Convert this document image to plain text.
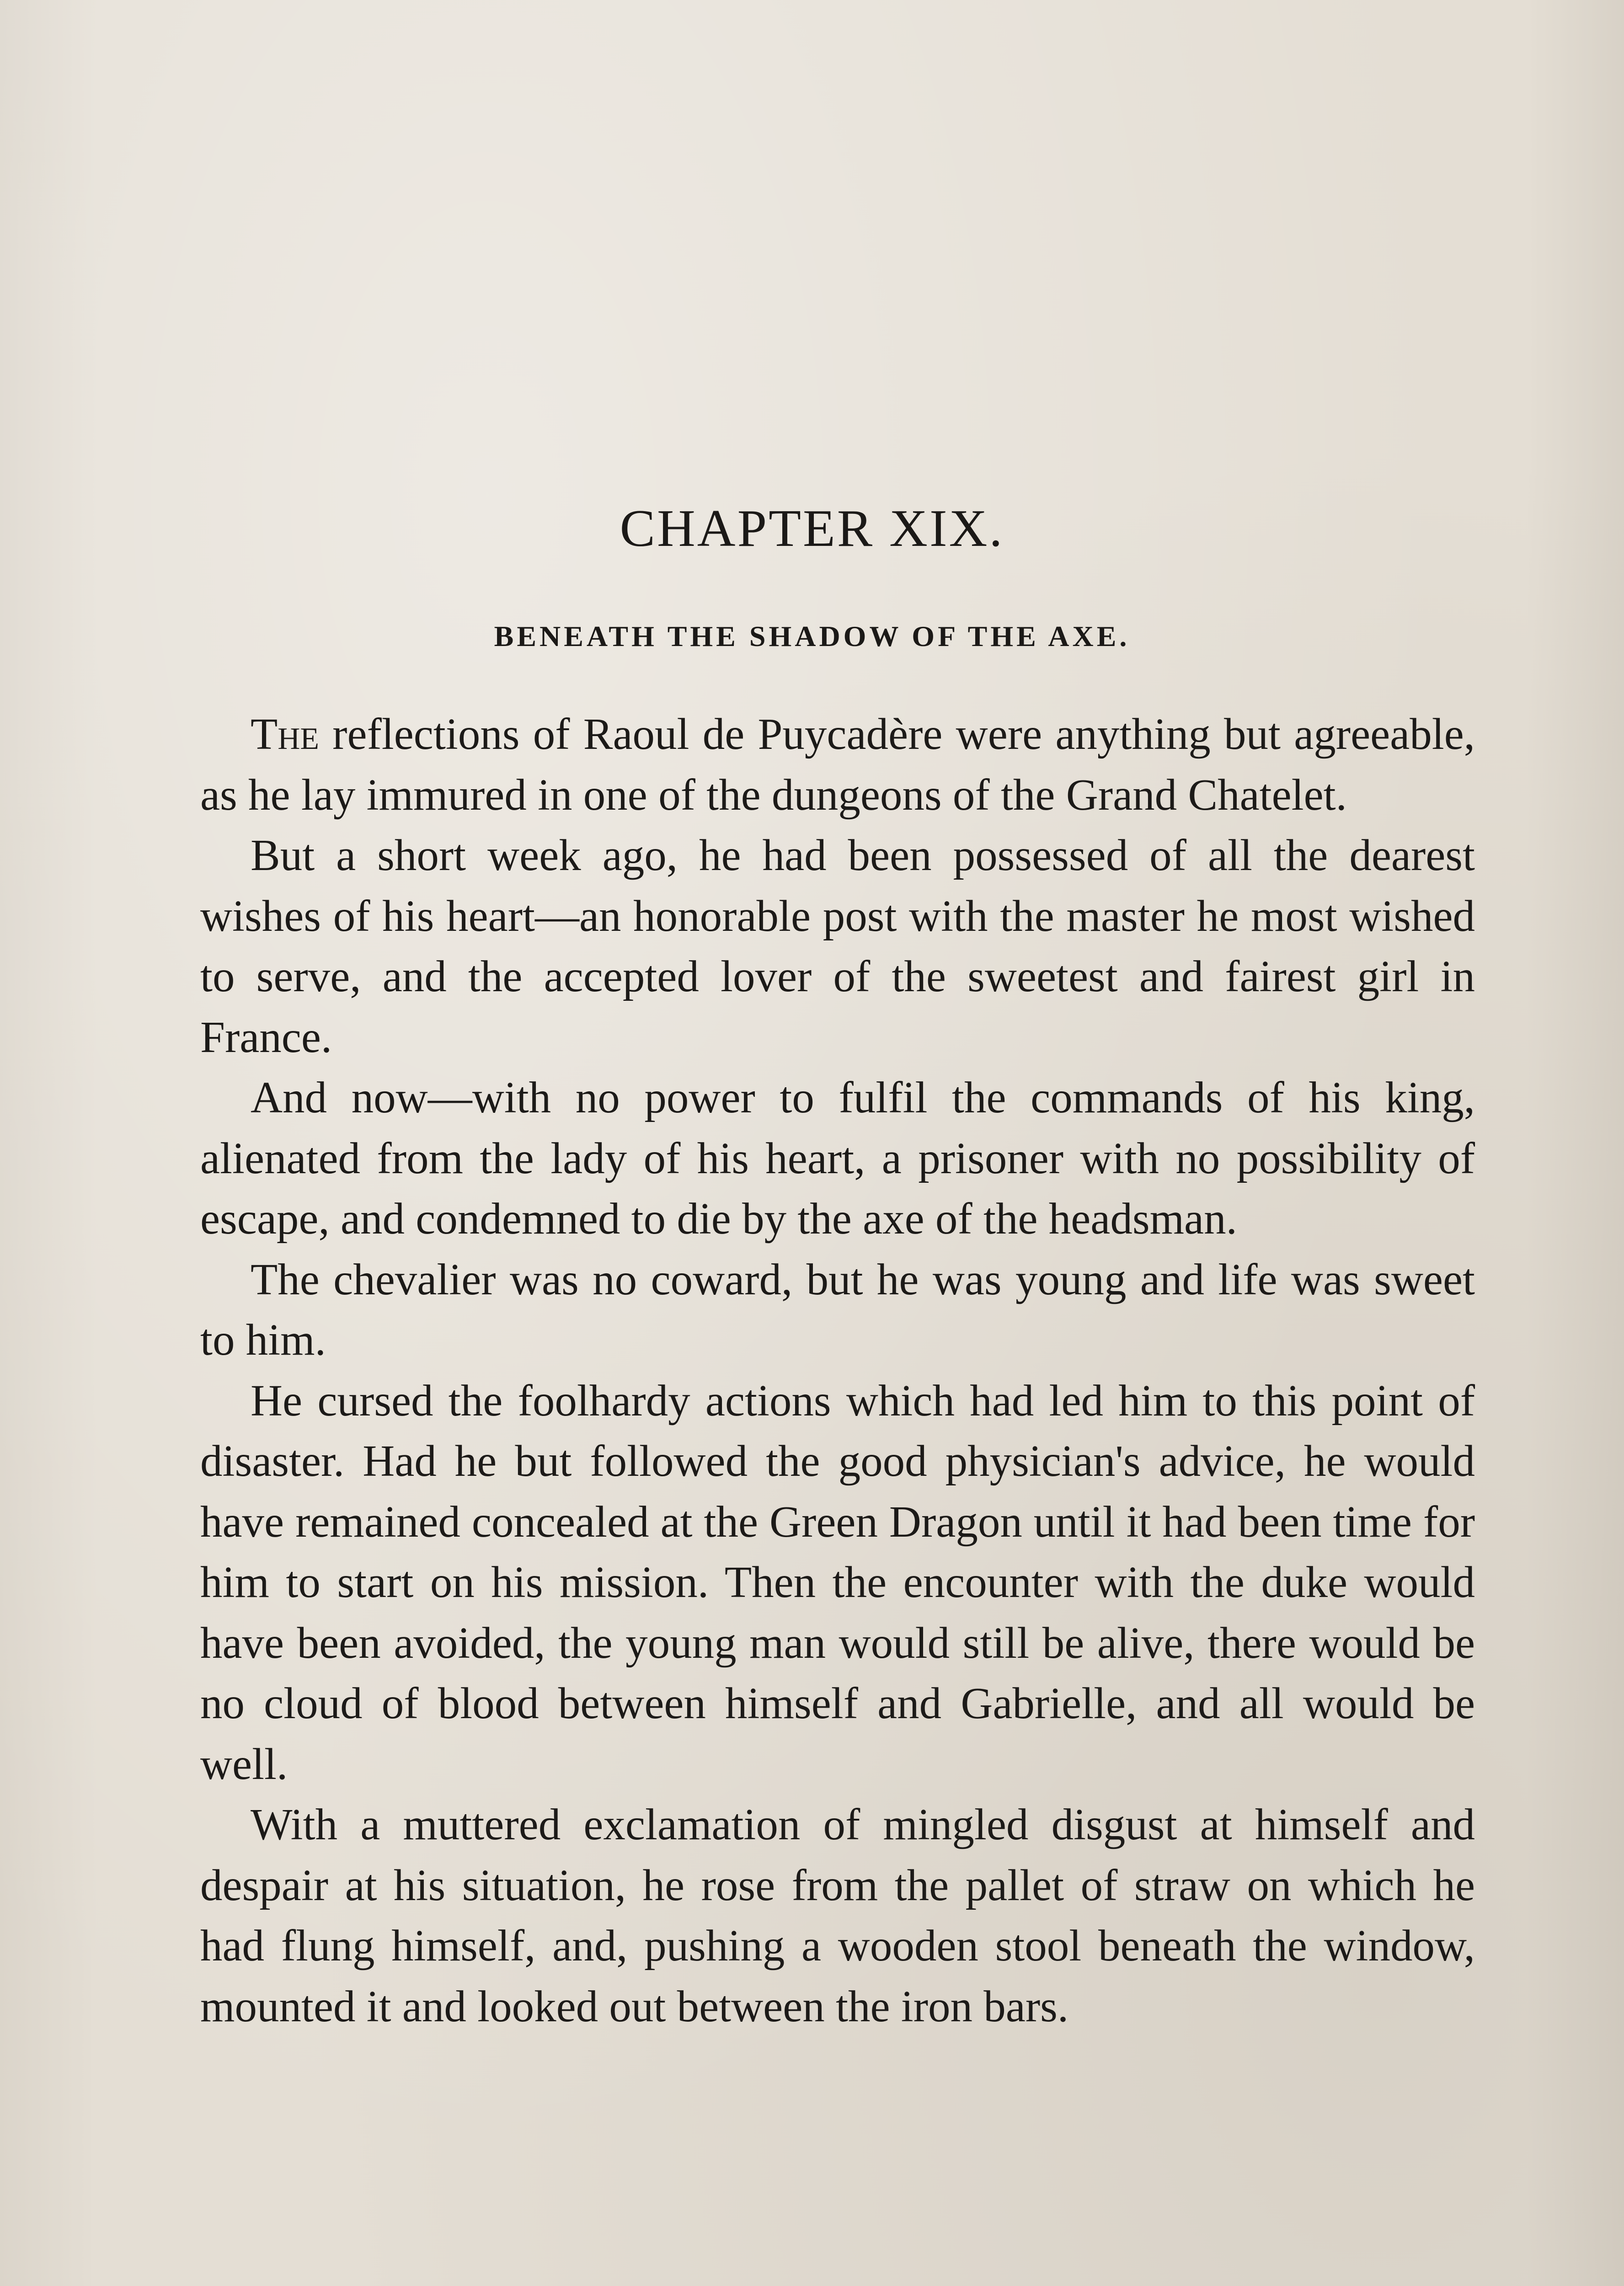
CHAPTER XIX.
BENEATH THE SHADOW OF THE AXE.

The reflections of Raoul de Puycadère were anything but agreeable, as he lay immured in one of the dungeons of the Grand Chatelet.

But a short week ago, he had been possessed of all the dearest wishes of his heart—an honorable post with the master he most wished to serve, and the accepted lover of the sweetest and fairest girl in France.

And now—with no power to fulfil the commands of his king, alienated from the lady of his heart, a prisoner with no possibility of escape, and condemned to die by the axe of the headsman.

The chevalier was no coward, but he was young and life was sweet to him.

He cursed the foolhardy actions which had led him to this point of disaster. Had he but followed the good physician's advice, he would have remained concealed at the Green Dragon until it had been time for him to start on his mission. Then the encounter with the duke would have been avoided, the young man would still be alive, there would be no cloud of blood between himself and Gabrielle, and all would be well.

With a muttered exclamation of mingled disgust at himself and despair at his situation, he rose from the pallet of straw on which he had flung himself, and, pushing a wooden stool beneath the window, mounted it and looked out between the iron bars.
